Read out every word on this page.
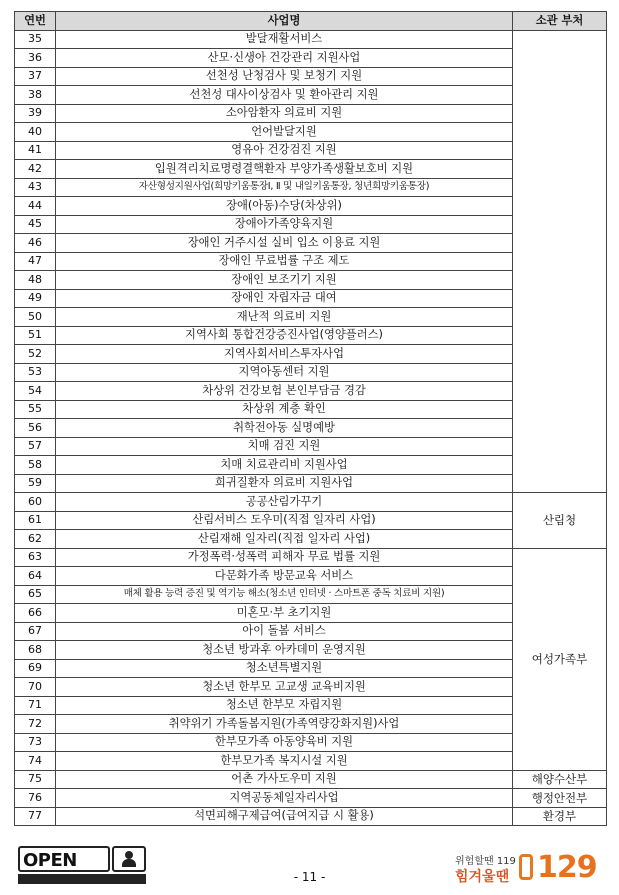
연번	사업명	소관 부처
35	발달재활서비스	
36	산모·신생아 건강관리 지원사업	
37	선천성 난청검사 및 보청기 지원	
38	선천성 대사이상검사 및 환아관리 지원	
39	소아암환자 의료비 지원	
40	언어발달지원	
41	영유아 건강검진 지원	
42	입원격리치료명령결핵환자 부양가족생활보호비 지원	
43	자산형성지원사업(희망키움통장Ⅰ, Ⅱ 및 내일키움통장, 청년희망키움통장)	
44	장애(아동)수당(차상위)	
45	장애아가족양육지원	
46	장애인 거주시설 실비 입소 이용료 지원	
47	장애인 무료법률 구조 제도	
48	장애인 보조기기 지원	
49	장애인 자립자금 대여	
50	재난적 의료비 지원	
51	지역사회 통합건강증진사업(영양플러스)	
52	지역사회서비스투자사업	
53	지역아동센터 지원	
54	차상위 건강보험 본인부담금 경감	
55	차상위 계층 확인	
56	취학전아동 실명예방	
57	치매 검진 지원	
58	치매 치료관리비 지원사업	
59	희귀질환자 의료비 지원사업	
60	공공산림가꾸기	산림청
61	산림서비스 도우미(직접 일자리 사업)	
62	산림재해 일자리(직접 일자리 사업)	
63	가정폭력·성폭력 피해자 무료 법률 지원	여성가족부
64	다문화가족 방문교육 서비스	
65	매체 활용 능력 증진 및 역기능 해소(청소년 인터넷 · 스마트폰 중독 치료비 지원)	
66	미혼모·부 초기지원	
67	아이 돌봄 서비스	
68	청소년 방과후 아카데미 운영지원	
69	청소년특별지원	
70	청소년 한부모 고교생 교육비지원	
71	청소년 한부모 자립지원	
72	취약위기 가족돌봄지원(가족역량강화지원)사업	
73	한부모가족 아동양육비 지원	
74	한부모가족 복지시설 지원	
75	어촌 가사도우미 지원	해양수산부
76	지역공동체일자리사업	행정안전부
77	석면피해구제급여(급여지급 시 활용)	환경부
OPEN
- 11 -
위험할땐 119
힘겨울땐 129
